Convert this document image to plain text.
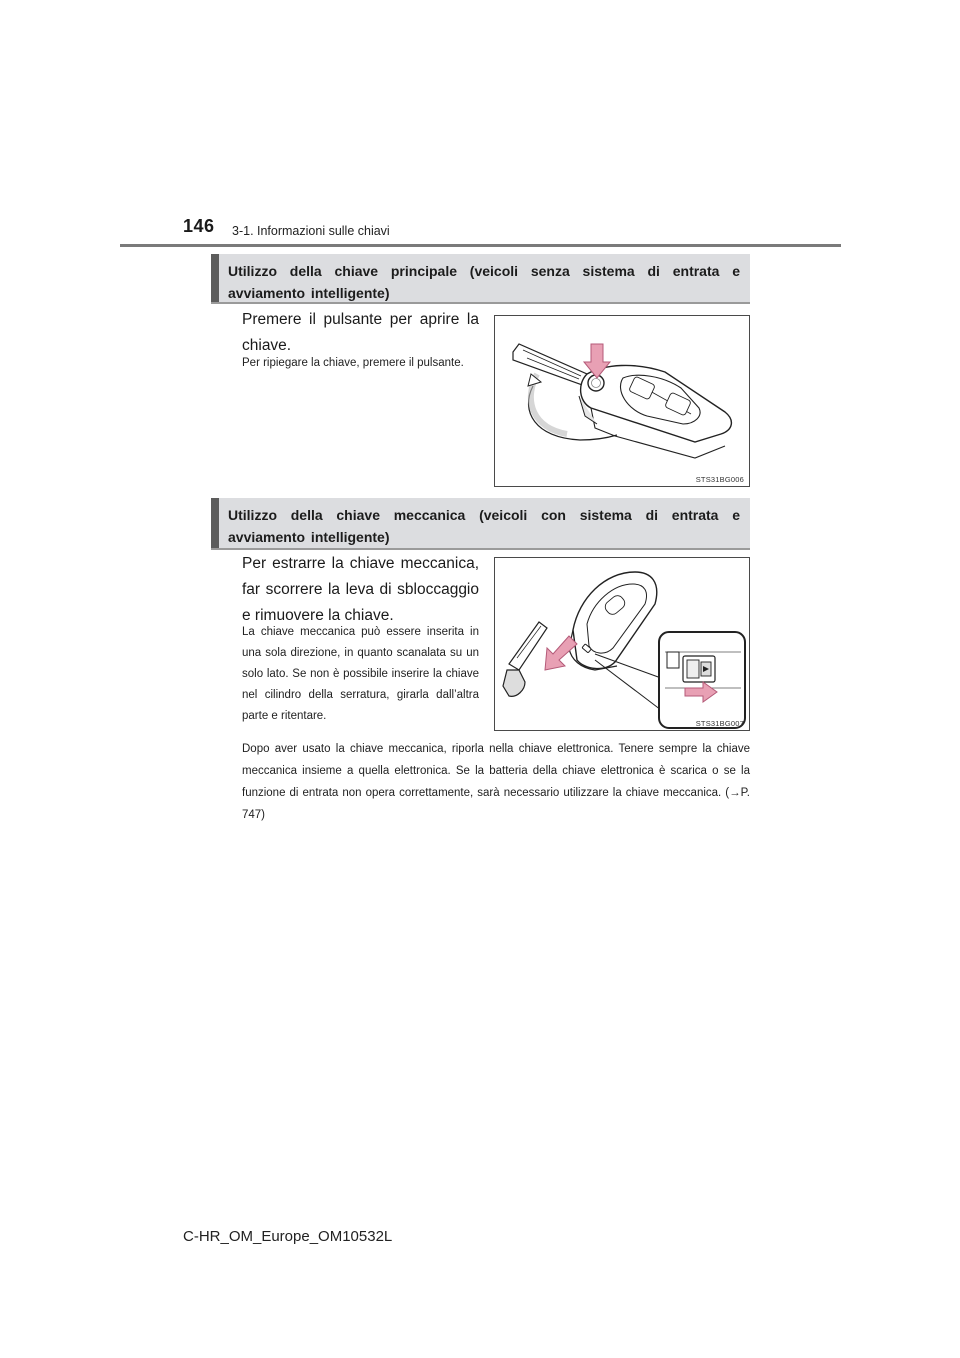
146 3-1. Informazioni sulle chiavi
Utilizzo della chiave principale (veicoli senza sistema di entrata e avviamento intelligente)

Premere il pulsante per aprire la chiave.

Per ripiegare la chiave, premere il pulsante.

STS31BG006
Utilizzo della chiave meccanica (veicoli con sistema di entrata e avviamento intelligente)

Per estrarre la chiave meccanica, far scorrere la leva di sbloccaggio e rimuovere la chiave.

La chiave meccanica può essere inserita in una sola direzione, in quanto scanalata su un solo lato. Se non è possibile inserire la chiave nel cilindro della serratura, girarla dall’altra parte e ritentare.

STS31BG007

Dopo aver usato la chiave meccanica, riporla nella chiave elettronica. Tenere sempre la chiave meccanica insieme a quella elettronica. Se la batteria della chiave elettronica è scarica o se la funzione di entrata non opera correttamente, sarà necessario utilizzare la chiave meccanica. (→P. 747)

C-HR_OM_Europe_OM10532L
